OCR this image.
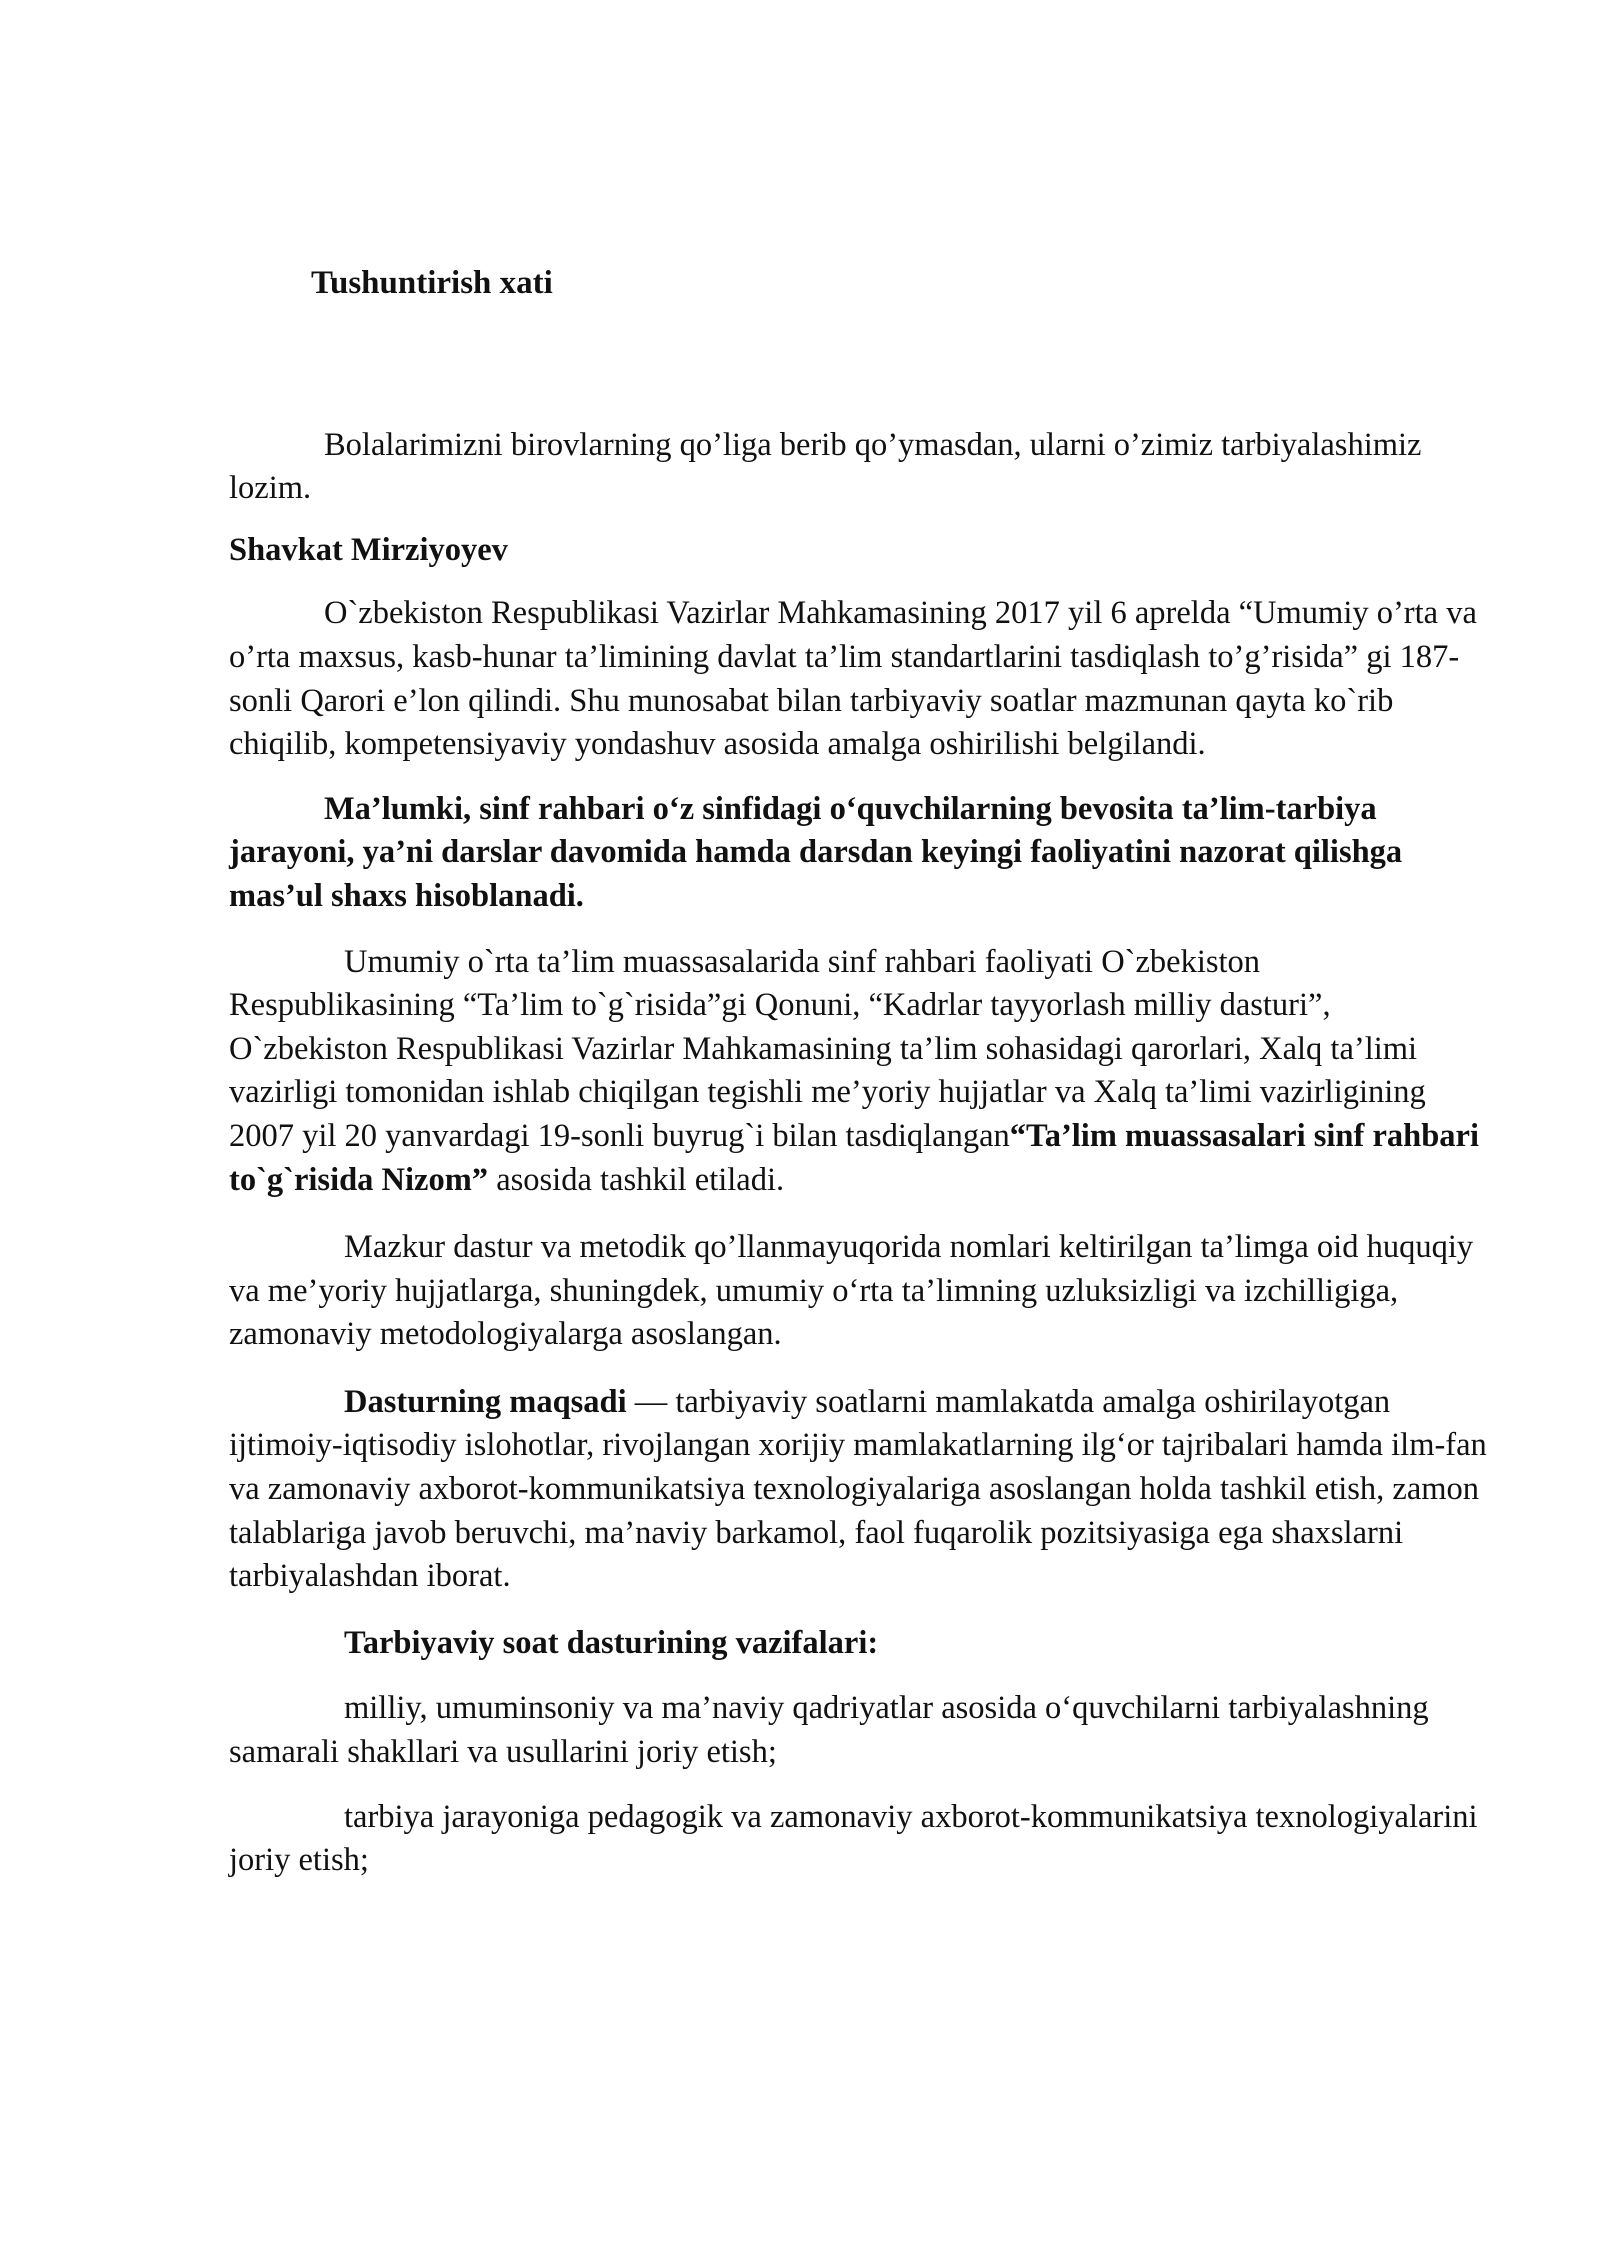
Tushuntirish xati

Bolalarimizni birovlarning qo’liga berib qo’ymasdan, ularni o’zimiz tarbiyalashimiz lozim.

Shavkat Mirziyoyev

O`zbekiston Respublikasi Vazirlar Mahkamasining 2017 yil 6 aprelda “Umumiy o’rta va o’rta maxsus, kasb-hunar ta’limining davlat ta’lim standartlarini tasdiqlash to’g’risida” gi 187-sonli Qarori e’lon qilindi. Shu munosabat bilan tarbiyaviy soatlar mazmunan qayta ko`rib chiqilib, kompetensiyaviy yondashuv asosida amalga oshirilishi belgilandi.

Ma’lumki, sinf rahbari o‘z sinfidagi o‘quvchilarning bevosita ta’lim-tarbiya jarayoni, ya’ni darslar davomida hamda darsdan keyingi faoliyatini nazorat qilishga mas’ul shaxs hisoblanadi.

Umumiy o`rta ta’lim muassasalarida sinf rahbari faoliyati O`zbekiston Respublikasining “Ta’lim to`g`risida”gi Qonuni, “Kadrlar tayyorlash milliy dasturi”, O`zbekiston Respublikasi Vazirlar Mahkamasining ta’lim sohasidagi qarorlari, Xalq ta’limi vazirligi tomonidan ishlab chiqilgan tegishli me’yoriy hujjatlar va Xalq ta’limi vazirligining 2007 yil 20 yanvardagi 19-sonli buyrug`i bilan tasdiqlangan“Ta’lim muassasalari sinf rahbari to`g`risida Nizom” asosida tashkil etiladi.

Mazkur dastur va metodik qo’llanmayuqorida nomlari keltirilgan ta’limga oid huquqiy va me’yoriy hujjatlarga, shuningdek, umumiy o‘rta ta’limning uzluksizligi va izchilligiga, zamonaviy metodologiyalarga asoslangan.

Dasturning maqsadi — tarbiyaviy soatlarni mamlakatda amalga oshirilayotgan ijtimoiy-iqtisodiy islohotlar, rivojlangan xorijiy mamlakatlarning ilg‘or tajribalari hamda ilm-fan va zamonaviy axborot-kommunikatsiya texnologiyalariga asoslangan holda tashkil etish, zamon talablariga javob beruvchi, ma’naviy barkamol, faol fuqarolik pozitsiyasiga ega shaxslarni tarbiyalashdan iborat.

Tarbiyaviy soat dasturining vazifalari:

milliy, umuminsoniy va ma’naviy qadriyatlar asosida o‘quvchilarni tarbiyalashning samarali shakllari va usullarini joriy etish;

tarbiya jarayoniga pedagogik va zamonaviy axborot-kommunikatsiya texnologiyalarini joriy etish;
